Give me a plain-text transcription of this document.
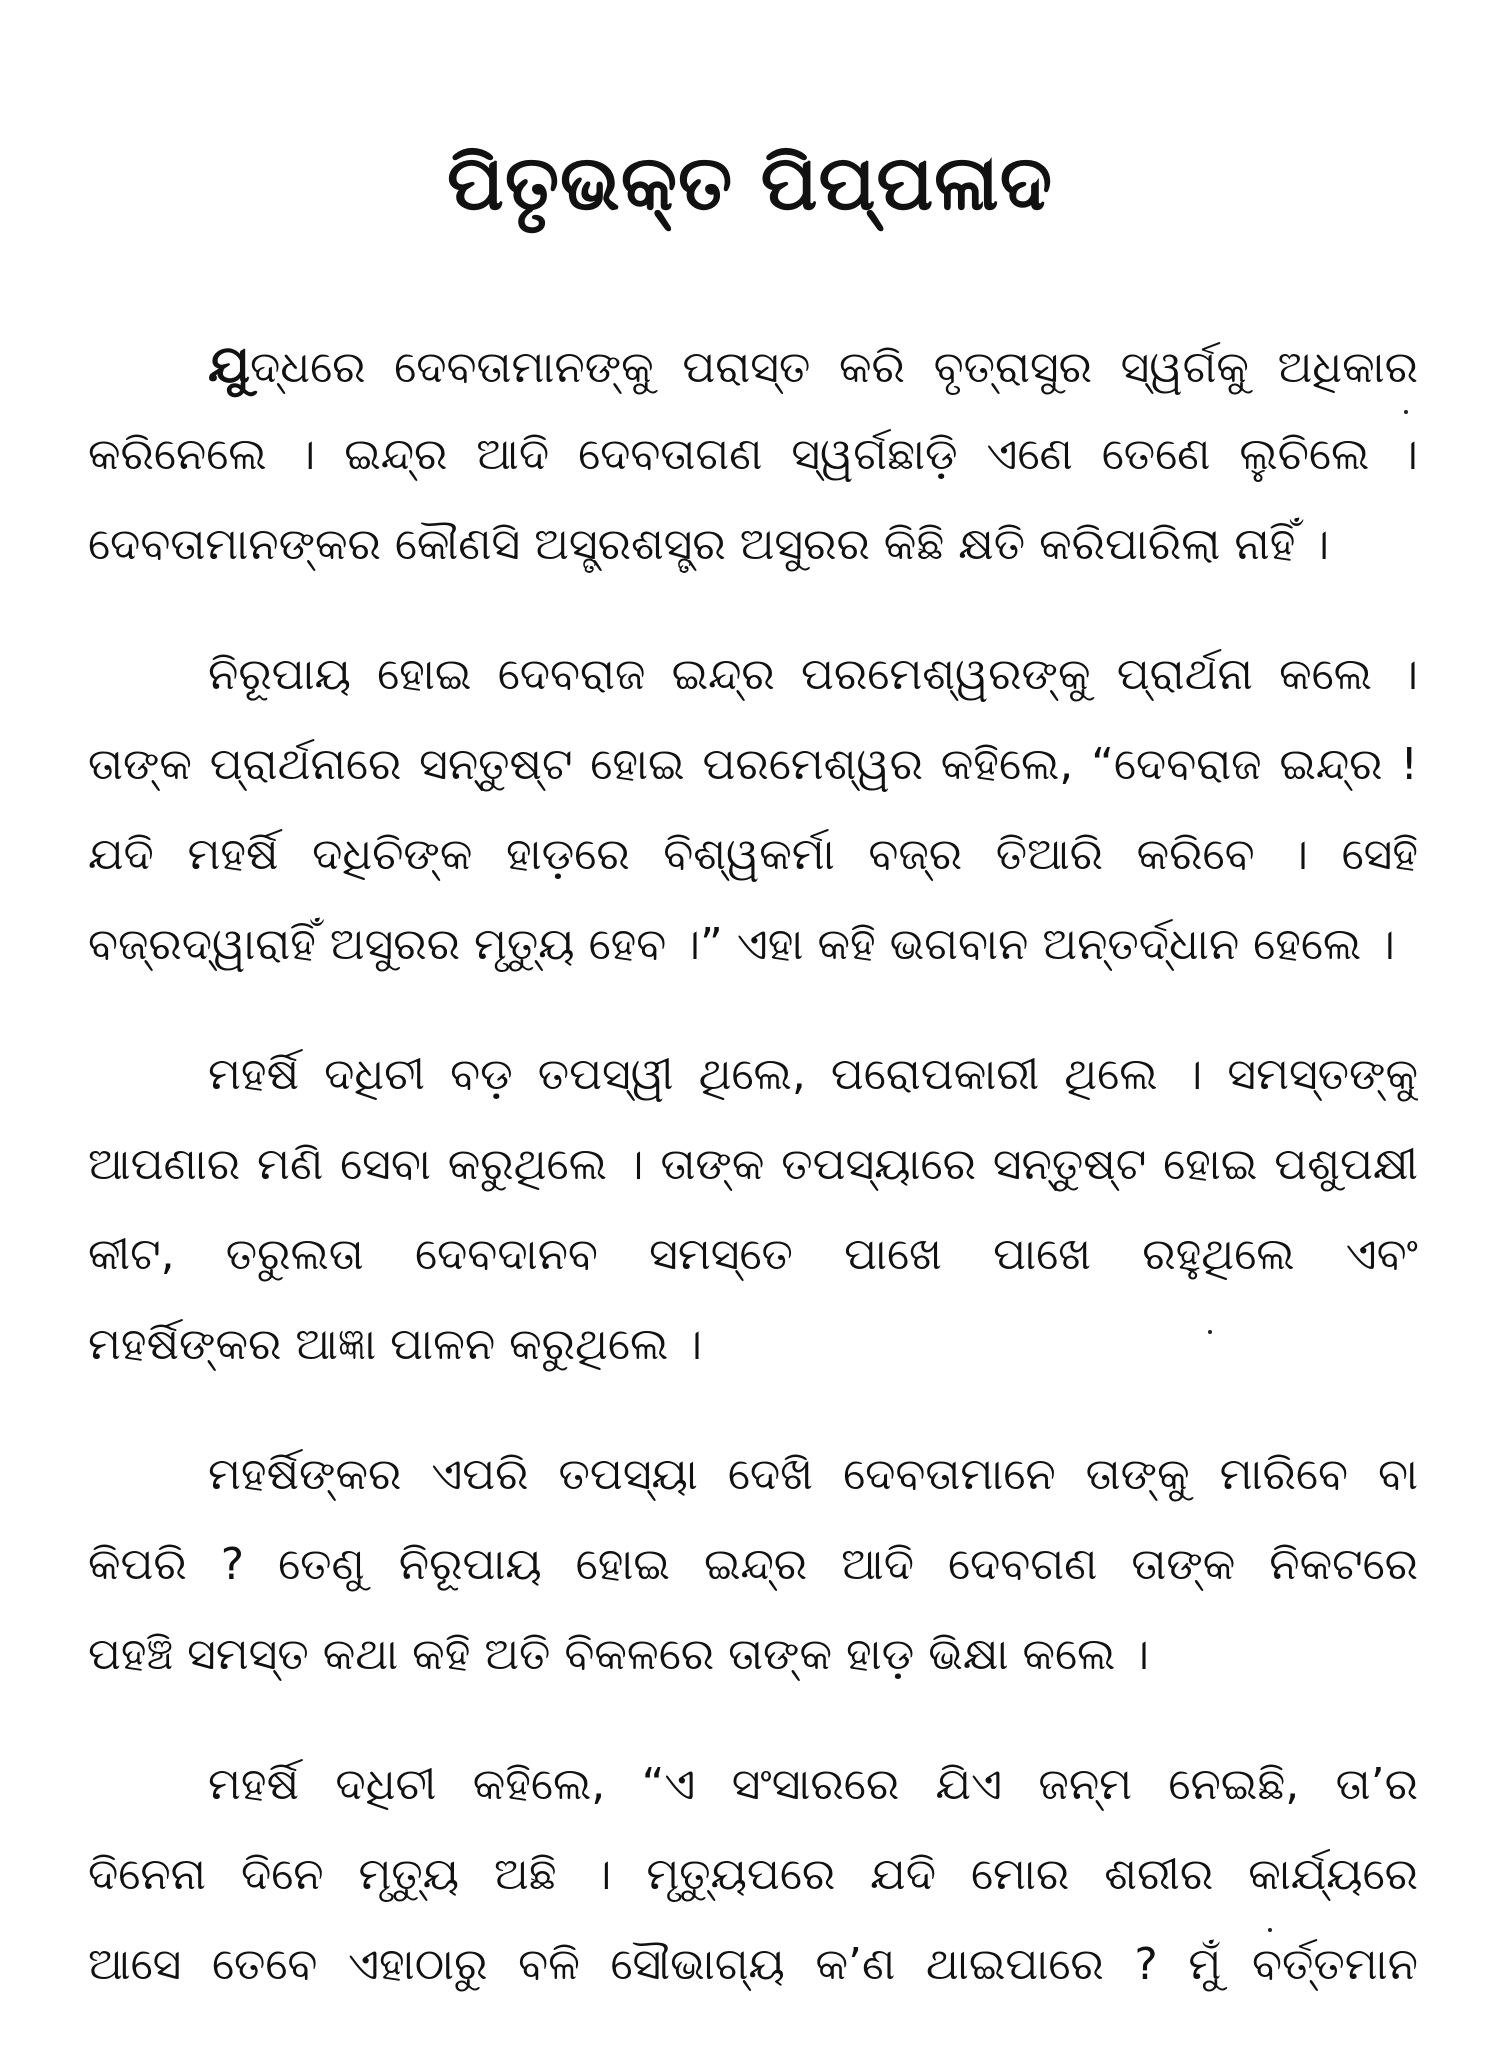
ପିତୃଭକ୍ତ ପିପ୍ପଳାଦ

ଯୁଦ୍ଧରେ ଦେବତାମାନଙ୍କୁ ପରାସ୍ତ କରି ବୃତ୍ରାସୁର ସ୍ୱର୍ଗକୁ ଅଧିକାର
କରିନେଲେ । ଇନ୍ଦ୍ର ଆଦି ଦେବତାଗଣ ସ୍ୱର୍ଗଛାଡ଼ି ଏଣେ ତେଣେ ଲୁଚିଲେ ।
ଦେବତାମାନଙ୍କର କୌଣସି ଅସ୍ତ୍ରଶସ୍ତ୍ର ଅସୁରର କିଛି କ୍ଷତି କରିପାରିଲା ନାହିଁ ।

ନିରୂପାୟ ହୋଇ ଦେବରାଜ ଇନ୍ଦ୍ର ପରମେଶ୍ୱରଙ୍କୁ ପ୍ରାର୍ଥନା କଲେ ।
ତାଙ୍କ ପ୍ରାର୍ଥନାରେ ସନ୍ତୁଷ୍ଟ ହୋଇ ପରମେଶ୍ୱର କହିଲେ, “ଦେବରାଜ ଇନ୍ଦ୍ର !
ଯଦି ମହର୍ଷି ଦଧିଚିଙ୍କ ହାଡ଼ରେ ବିଶ୍ୱକର୍ମା ବଜ୍ର ତିଆରି କରିବେ । ସେହି
ବଜ୍ରଦ୍ୱାରାହିଁ ଅସୁରର ମୃତ୍ୟୁ ହେବ ।” ଏହା କହି ଭଗବାନ ଅନ୍ତର୍ଦ୍ଧାନ ହେଲେ ।

ମହର୍ଷି ଦଧିଚୀ ବଡ଼ ତପସ୍ୱୀ ଥିଲେ, ପରୋପକାରୀ ଥିଲେ । ସମସ୍ତଙ୍କୁ
ଆପଣାର ମଣି ସେବା କରୁଥିଲେ । ତାଙ୍କ ତପସ୍ୟାରେ ସନ୍ତୁଷ୍ଟ ହୋଇ ପଶୁପକ୍ଷୀ
କୀଟ, ତରୁଲତା ଦେବଦାନବ ସମସ୍ତେ ପାଖେ ପାଖେ ରହୁଥିଲେ ଏବଂ
ମହର୍ଷିଙ୍କର ଆଜ୍ଞା ପାଳନ କରୁଥିଲେ ।

ମହର୍ଷିଙ୍କର ଏପରି ତପସ୍ୟା ଦେଖି ଦେବତାମାନେ ତାଙ୍କୁ ମାରିବେ ବା
କିପରି ? ତେଣୁ ନିରୂପାୟ ହୋଇ ଇନ୍ଦ୍ର ଆଦି ଦେବଗଣ ତାଙ୍କ ନିକଟରେ
ପହଞ୍ଚି ସମସ୍ତ କଥା କହି ଅତି ବିକଳରେ ତାଙ୍କ ହାଡ଼ ଭିକ୍ଷା କଲେ ।

ମହର୍ଷି ଦଧିଚୀ କହିଲେ, “ଏ ସଂସାରରେ ଯିଏ ଜନ୍ମ ନେଇଛି, ତା’ର
ଦିନେନା ଦିନେ ମୃତ୍ୟୁ ଅଛି । ମୃତ୍ୟୁପରେ ଯଦି ମୋର ଶରୀର କାର୍ଯ୍ୟରେ
ଆସେ ତେବେ ଏହାଠାରୁ ବଳି ସୌଭାଗ୍ୟ କ’ଣ ଥାଇପାରେ ? ମୁଁ ବର୍ତ୍ତମାନ
